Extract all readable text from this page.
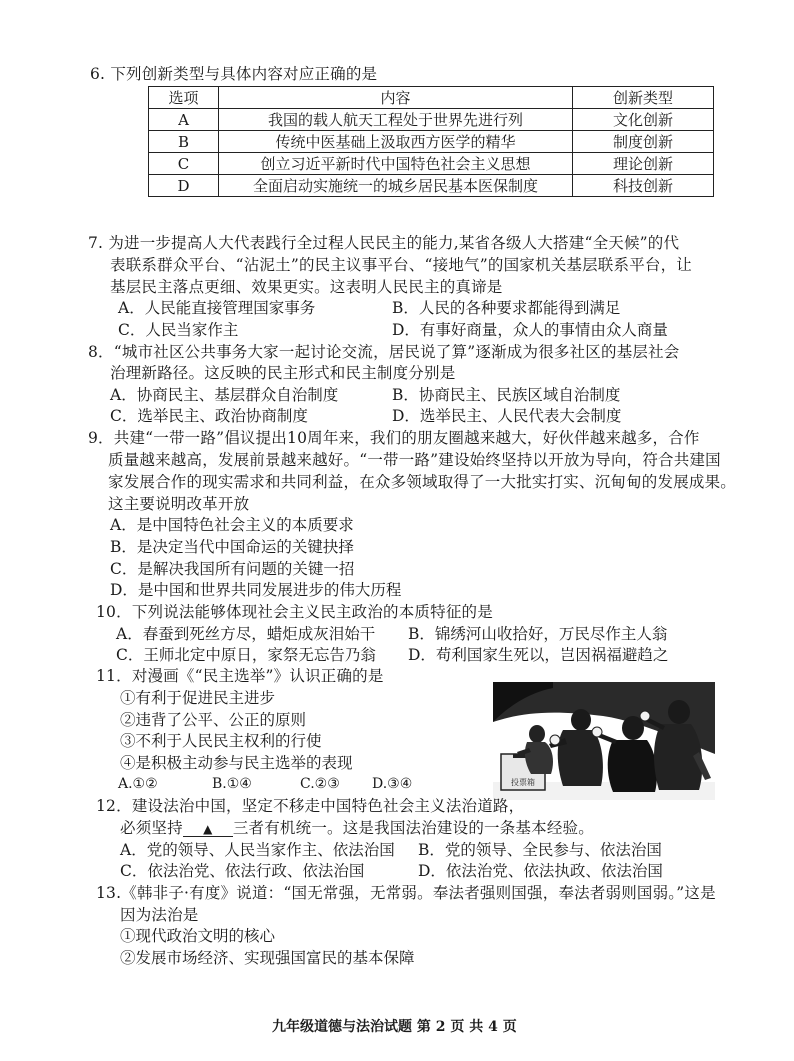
6. 下列创新类型与具体内容对应正确的是
选项	内容	创新类型
A	我国的载人航天工程处于世界先进行列	文化创新
B	传统中医基础上汲取西方医学的精华	制度创新
C	创立习近平新时代中国特色社会主义思想	理论创新
D	全面启动实施统一的城乡居民基本医保制度	科技创新
7. 为进一步提高人大代表践行全过程人民民主的能力,某省各级人大搭建“全天候”的代
表联系群众平台、“沾泥土”的民主议事平台、“接地气”的国家机关基层联系平台，让
基层民主落点更细、效果更实。这表明人民民主的真谛是
A．人民能直接管理国家事务	B．人民的各种要求都能得到满足
C．人民当家作主	D．有事好商量，众人的事情由众人商量
8．“城市社区公共事务大家一起讨论交流，居民说了算”逐渐成为很多社区的基层社会
治理新路径。这反映的民主形式和民主制度分别是
A．协商民主、基层群众自治制度	B．协商民主、民族区域自治制度
C．选举民主、政治协商制度	D．选举民主、人民代表大会制度
9．共建“一带一路”倡议提出10周年来，我们的朋友圈越来越大，好伙伴越来越多，合作
质量越来越高，发展前景越来越好。“一带一路”建设始终坚持以开放为导向，符合共建国
家发展合作的现实需求和共同利益，在众多领域取得了一大批实打实、沉甸甸的发展成果。
这主要说明改革开放
A．是中国特色社会主义的本质要求
B．是决定当代中国命运的关键抉择
C．是解决我国所有问题的关键一招
D．是中国和世界共同发展进步的伟大历程
10．下列说法能够体现社会主义民主政治的本质特征的是
A．春蚕到死丝方尽，蜡炬成灰泪始干 B．锦绣河山收拾好，万民尽作主人翁
C．王师北定中原日，家祭无忘告乃翁 D．苟利国家生死以，岂因祸福避趋之
11．对漫画《“民主选举”》认识正确的是
①有利于促进民主进步
②违背了公平、公正的原则
③不利于人民民主权利的行使
④是积极主动参与民主选举的表现
A.①②	B.①④	C.②③ D.③④	投票箱
12．建设法治中国，坚定不移走中国特色社会主义法治道路，
必须坚持 ▲ 三者有机统一。这是我国法治建设的一条基本经验。
A．党的领导、人民当家作主、依法治国 B．党的领导、全民参与、依法治国
C．依法治党、依法行政、依法治国	D．依法治党、依法执政、依法治国
13.《韩非子·有度》说道：“国无常强，无常弱。奉法者强则国强，奉法者弱则国弱。”这是
因为法治是
①现代政治文明的核心
②发展市场经济、实现强国富民的基本保障
九年级道德与法治试题 第 2 页 共 4 页
